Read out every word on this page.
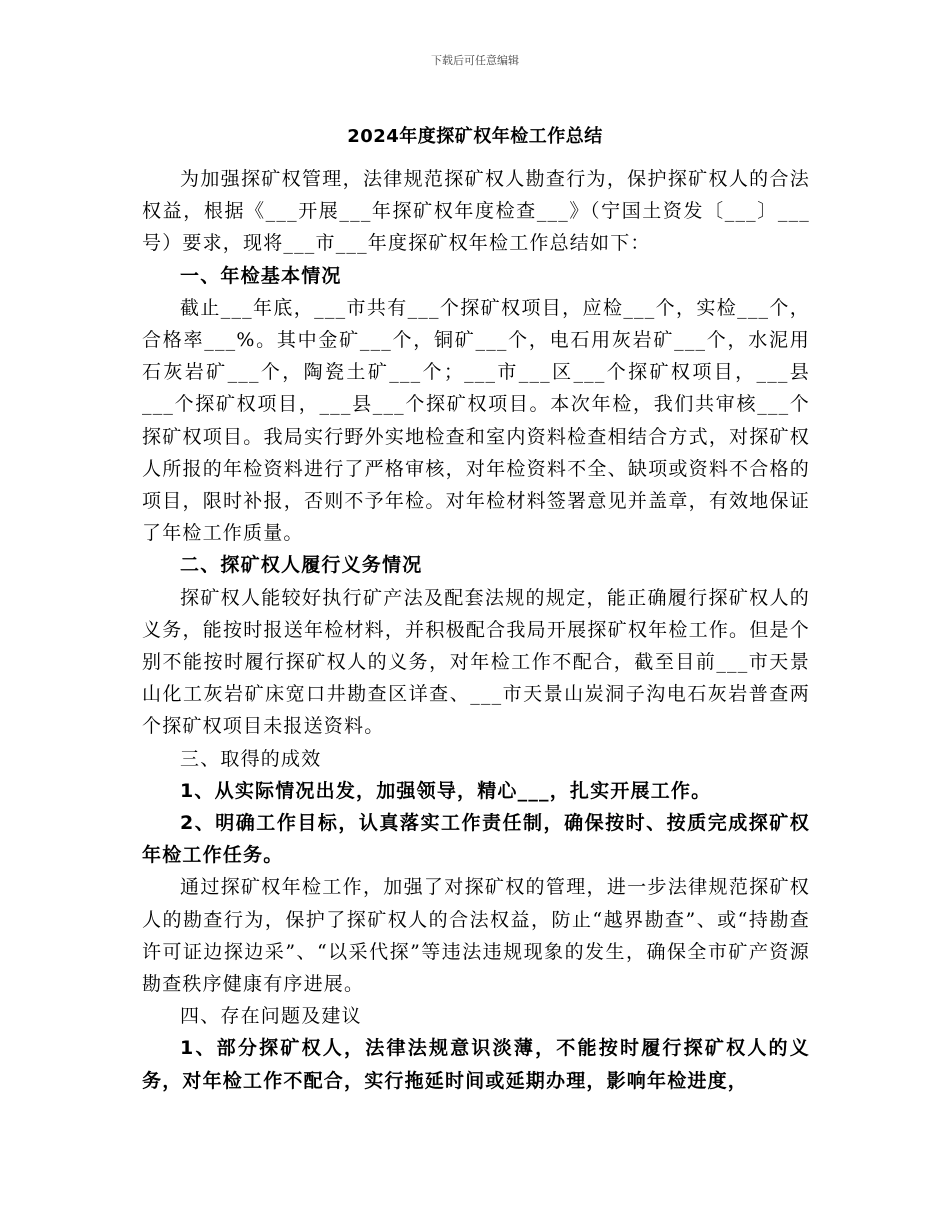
下载后可任意编辑
2024年度探矿权年检工作总结

为加强探矿权管理，法律规范探矿权人勘查行为，保护探矿权人的合法权益，根据《___开展___年探矿权年度检查___》（宁国土资发〔___〕___号）要求，现将___市___年度探矿权年检工作总结如下：

一、年检基本情况

截止___年底，___市共有___个探矿权项目，应检___个，实检___个，合格率___%。其中金矿___个，铜矿___个，电石用灰岩矿___个，水泥用石灰岩矿___个，陶瓷土矿___个；___市___区___个探矿权项目，___县___个探矿权项目，___县___个探矿权项目。本次年检，我们共审核___个探矿权项目。我局实行野外实地检查和室内资料检查相结合方式，对探矿权人所报的年检资料进行了严格审核，对年检资料不全、缺项或资料不合格的项目，限时补报，否则不予年检。对年检材料签署意见并盖章，有效地保证了年检工作质量。

二、探矿权人履行义务情况

探矿权人能较好执行矿产法及配套法规的规定，能正确履行探矿权人的义务，能按时报送年检材料，并积极配合我局开展探矿权年检工作。但是个别不能按时履行探矿权人的义务，对年检工作不配合，截至目前___市天景山化工灰岩矿床宽口井勘查区详查、___市天景山炭洞子沟电石灰岩普查两个探矿权项目未报送资料。

三、取得的成效

1、从实际情况出发，加强领导，精心___，扎实开展工作。

2、明确工作目标，认真落实工作责任制，确保按时、按质完成探矿权年检工作任务。

通过探矿权年检工作，加强了对探矿权的管理，进一步法律规范探矿权人的勘查行为，保护了探矿权人的合法权益，防止“越界勘查”、或“持勘查许可证边探边采”、“以采代探”等违法违规现象的发生，确保全市矿产资源勘查秩序健康有序进展。

四、存在问题及建议

1、部分探矿权人，法律法规意识淡薄，不能按时履行探矿权人的义务，对年检工作不配合，实行拖延时间或延期办理，影响年检进度，
